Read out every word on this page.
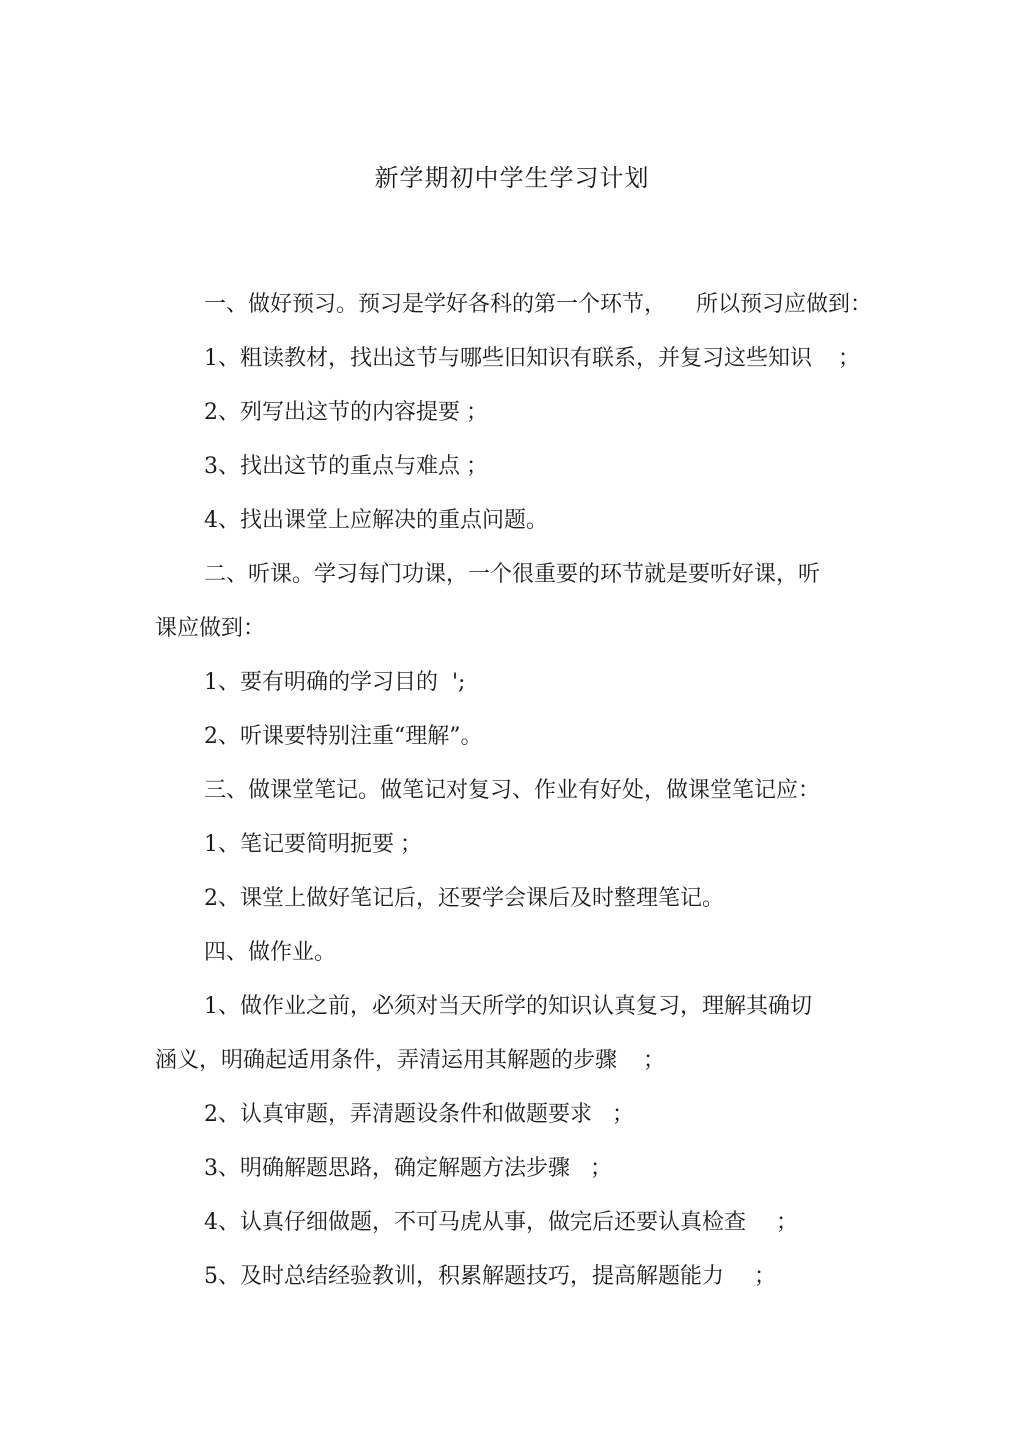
新学期初中学生学习计划
一、做好预习。预习是学好各科的第一个环节， 所以预习应做到：
1、粗读教材，找出这节与哪些旧知识有联系，并复习这些知识 ；
2、列写出这节的内容提要 ；
3、找出这节的重点与难点 ；
4、找出课堂上应解决的重点问题。
二、听课。学习每门功课，一个很重要的环节就是要听好课，听
课应做到：
1、要有明确的学习目的 ';
2、听课要特别注重“理解”。
三、做课堂笔记。做笔记对复习、作业有好处，做课堂笔记应：
1、笔记要简明扼要 ；
2、课堂上做好笔记后，还要学会课后及时整理笔记。
四、做作业。
1、做作业之前，必须对当天所学的知识认真复习，理解其确切
涵义，明确起适用条件，弄清运用其解题的步骤 ；
2、认真审题，弄清题设条件和做题要求 ；
3、明确解题思路，确定解题方法步骤 ；
4、认真仔细做题，不可马虎从事，做完后还要认真检查 ；
5、及时总结经验教训，积累解题技巧，提高解题能力 ；
